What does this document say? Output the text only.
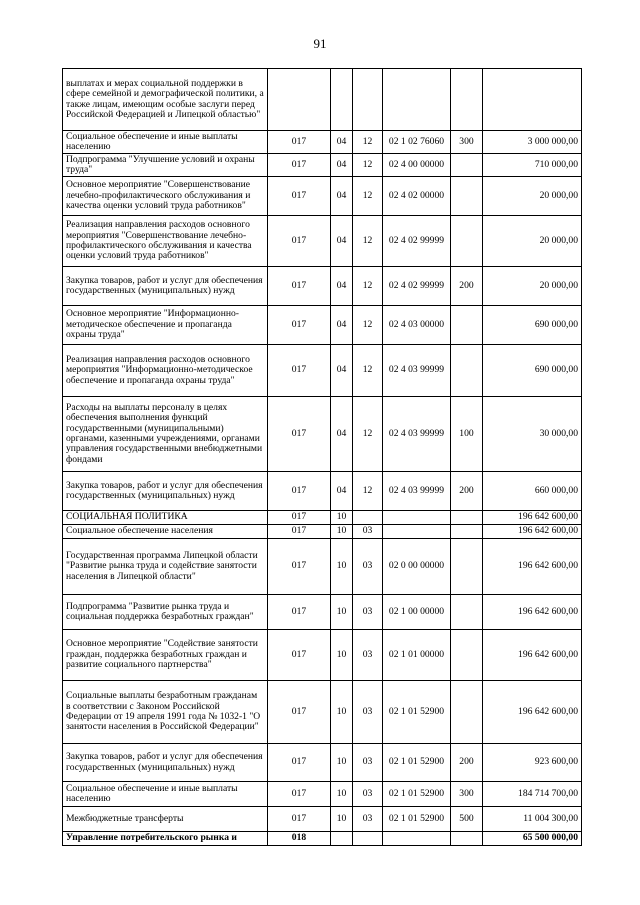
91
выплатах и мерах социальной поддержки в сфере семейной и демографической политики, а также лицам, имеющим особые заслуги перед Российской Федерацией и Липецкой областью"						
Социальное обеспечение и иные выплаты населению	017	04	12	02 1 02 76060	300	3 000 000,00
Подпрограмма "Улучшение условий и охраны труда"	017	04	12	02 4 00 00000		710 000,00
Основное мероприятие "Совершенствование лечебно-профилактического обслуживания и качества оценки условий труда работников"	017	04	12	02 4 02 00000		20 000,00
Реализация направления расходов основного мероприятия "Совершенствование лечебно-профилактического обслуживания и качества оценки условий труда работников"	017	04	12	02 4 02 99999		20 000,00
Закупка товаров, работ и услуг для обеспечения государственных (муниципальных) нужд	017	04	12	02 4 02 99999	200	20 000,00
Основное мероприятие "Информационно-методическое обеспечение и пропаганда охраны труда"	017	04	12	02 4 03 00000		690 000,00
Реализация направления расходов основного мероприятия "Информационно-методическое обеспечение и пропаганда охраны труда"	017	04	12	02 4 03 99999		690 000,00
Расходы на выплаты персоналу в целях обеспечения выполнения функций государственными (муниципальными) органами, казенными учреждениями, органами управления государственными внебюджетными фондами	017	04	12	02 4 03 99999	100	30 000,00
Закупка товаров, работ и услуг для обеспечения государственных (муниципальных) нужд	017	04	12	02 4 03 99999	200	660 000,00
СОЦИАЛЬНАЯ ПОЛИТИКА	017	10				196 642 600,00
Социальное обеспечение населения	017	10	03			196 642 600,00
Государственная программа Липецкой области "Развитие рынка труда и содействие занятости населения в Липецкой области"	017	10	03	02 0 00 00000		196 642 600,00
Подпрограмма "Развитие рынка труда и социальная поддержка безработных граждан"	017	10	03	02 1 00 00000		196 642 600,00
Основное мероприятие "Содействие занятости граждан, поддержка безработных граждан и развитие социального партнерства"	017	10	03	02 1 01 00000		196 642 600,00
Социальные выплаты безработным гражданам в соответствии с Законом Российской Федерации от 19 апреля 1991 года № 1032-1 "О занятости населения в Российской Федерации"	017	10	03	02 1 01 52900		196 642 600,00
Закупка товаров, работ и услуг для обеспечения государственных (муниципальных) нужд	017	10	03	02 1 01 52900	200	923 600,00
Социальное обеспечение и иные выплаты населению	017	10	03	02 1 01 52900	300	184 714 700,00
Межбюджетные трансферты	017	10	03	02 1 01 52900	500	11 004 300,00
Управление потребительского рынка и	018					65 500 000,00
